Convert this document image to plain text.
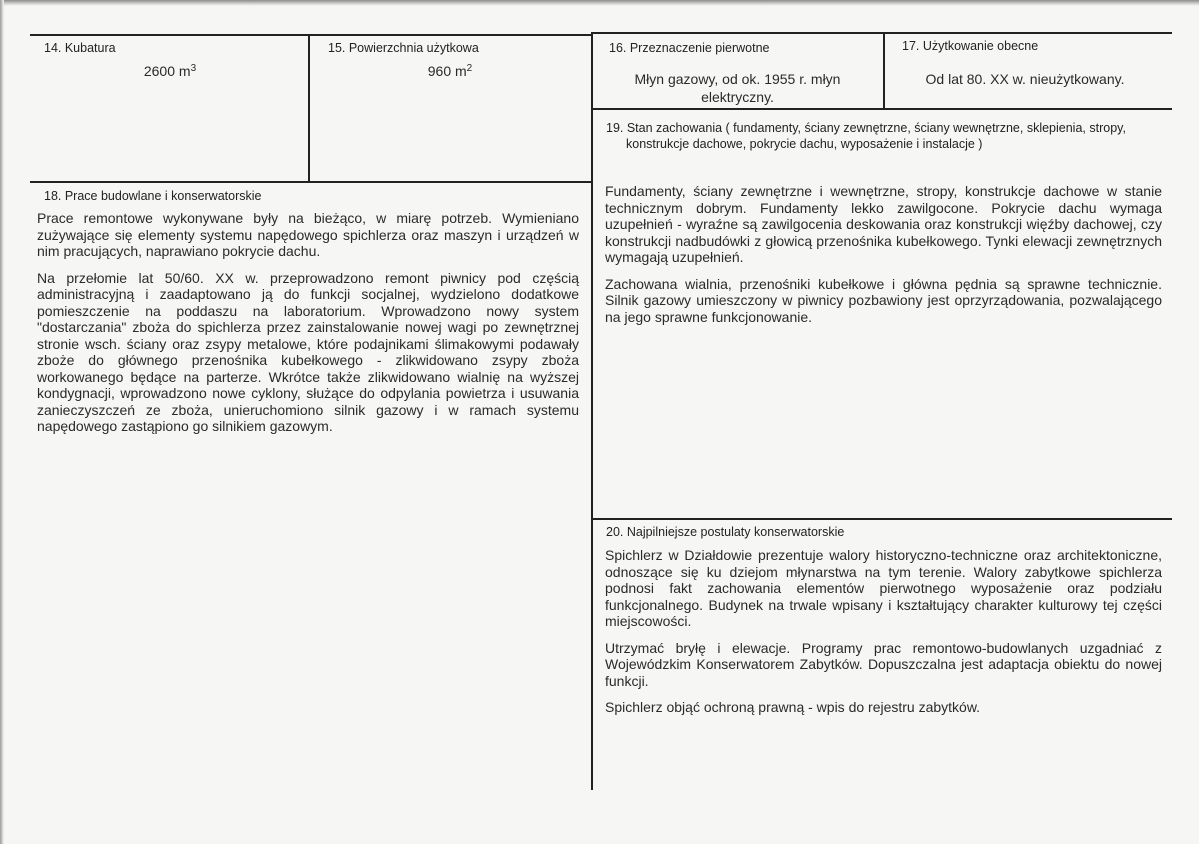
14. Kubatura
2600 $m^3$
15. Powierzchnia użytkowa
960 $m^2$
16. Przeznaczenie pierwotne
Młyn gazowy, od ok. 1955 r. młyn elektryczny.
17. Użytkowanie obecne
Od lat 80. XX w. nieużytkowany.
18. Prace budowlane i konserwatorskie

Prace remontowe wykonywane były na bieżąco, w miarę potrzeb. Wymieniano zużywające się elementy systemu napędowego spichlerza oraz maszyn i urządzeń w nim pracujących, naprawiano pokrycie dachu.

Na przełomie lat 50/60. XX w. przeprowadzono remont piwnicy pod częścią administracyjną i zaadaptowano ją do funkcji socjalnej, wydzielono dodatkowe pomieszczenie na poddaszu na laboratorium. Wprowadzono nowy system "dostarczania" zboża do spichlerza przez zainstalowanie nowej wagi po zewnętrznej stronie wsch. ściany oraz zsypy metalowe, które podajnikami ślimakowymi podawały zboże do głównego przenośnika kubełkowego - zlikwidowano zsypy zboża workowanego będące na parterze. Wkrótce także zlikwidowano wialnię na wyższej kondygnacji, wprowadzono nowe cyklony, służące do odpylania powietrza i usuwania zanieczyszczeń ze zboża, unieruchomiono silnik gazowy i w ramach systemu napędowego zastąpiono go silnikiem gazowym.

19. Stan zachowania ( fundamenty, ściany zewnętrzne, ściany wewnętrzne, sklepienia, stropy, konstrukcje dachowe, pokrycie dachu, wyposażenie i instalacje )

Fundamenty, ściany zewnętrzne i wewnętrzne, stropy, konstrukcje dachowe w stanie technicznym dobrym. Fundamenty lekko zawilgocone. Pokrycie dachu wymaga uzupełnień - wyraźne są zawilgocenia deskowania oraz konstrukcji więźby dachowej, czy konstrukcji nadbudówki z głowicą przenośnika kubełkowego. Tynki elewacji zewnętrznych wymagają uzupełnień.

Zachowana wialnia, przenośniki kubełkowe i główna pędnia są sprawne technicznie. Silnik gazowy umieszczony w piwnicy pozbawiony jest oprzyrządowania, pozwalającego na jego sprawne funkcjonowanie.

20. Najpilniejsze postulaty konserwatorskie

Spichlerz w Działdowie prezentuje walory historyczno-techniczne oraz architektoniczne, odnoszące się ku dziejom młynarstwa na tym terenie. Walory zabytkowe spichlerza podnosi fakt zachowania elementów pierwotnego wyposażenie oraz podziału funkcjonalnego. Budynek na trwale wpisany i kształtujący charakter kulturowy tej części miejscowości.

Utrzymać bryłę i elewacje. Programy prac remontowo-budowlanych uzgadniać z Wojewódzkim Konserwatorem Zabytków. Dopuszczalna jest adaptacja obiektu do nowej funkcji.

Spichlerz objąć ochroną prawną - wpis do rejestru zabytków.
